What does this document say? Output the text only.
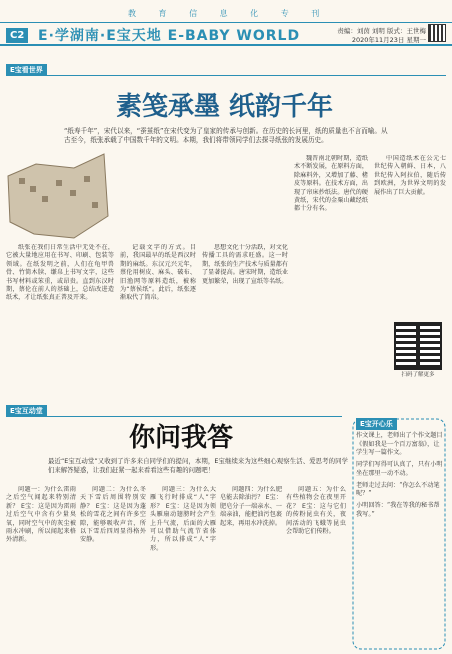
教 育 信 息 化 专 刊
C2 E·学湖南·E宝天地 E-BABY WORLD	责编：刘茵 刘明 版式：王世梅
2020年11月23日 星期一
E宝看世界
素笺承墨 纸韵千年
“纸寿千年”，宋代以来，“蚕茧纸”在宋代变为了皇家的传承与创新。在历史的长河里，纸的质量也不言而喻。从古至今，纸张承载了中国数千年的文明。本期，我们将带领同学们去探寻纸张的发展历史。

纸张在我们日常生活中无处不在，它被大量地应用在书写、印刷、包装等领域。在纸发明之前，人们在龟甲兽骨、竹简木牍、缣帛上书写文字，这些书写材料或笨重，或昂贵。直到东汉时期，蔡伦在前人的基础上，总结改进造纸术，才让纸张真正普及开来。

记载文字的方式。目前，我国最早的纸是西汉时期的麻纸。东汉元兴元年，蔡伦用树皮、麻头、破布、旧渔网等原料造纸，被称为“蔡侯纸”。此后，纸张逐渐取代了简帛。

思想文化十分活跃，对文化传播工具的需求旺盛。这一时期，纸张的生产技术与质量都有了显著提高。唐宋时期，造纸业更加繁荣，出现了宣纸等名纸。

魏晋南北朝时期，造纸术不断发展，在原料方面，除麻料外，又增加了藤、楮皮等原料。在技术方面，出现了帘床抄纸法。唐代的硬黄纸，宋代的金粟山藏经纸都十分有名。

中国造纸术在公元七世纪传入朝鲜、日本，八世纪传入阿拉伯，随后传到欧洲，为世界文明的发展作出了巨大贡献。

扫码了解更多
E宝互动堂
你问我答
最近“E宝互动堂”又收到了许多来自同学们的提问，本期，E宝继续来为这些细心观察生活、爱思考的同学们来解答疑惑，让我们赶紧一起来看看这些有趣的问题吧！

问题一：为什么雷雨之后空气闻起来特别清新？ E宝：这是因为雷雨过后空气中含有少量臭氧，同时空气中的灰尘被雨水冲刷，所以闻起来格外清新。

问题二：为什么冬天下雪后周围特别安静？ E宝：这是因为蓬松的雪花之间有许多空隙，能够吸收声音，所以下雪后四周显得格外安静。

问题三：为什么大雁飞行时排成“人”字形？ E宝：这是因为领头雁扇动翅膀时会产生上升气流，后面的大雁可以借助气流节省体力，所以排成“人”字形。

问题四：为什么肥皂能去除油污？ E宝：肥皂分子一端亲水、一端亲油，能把油污包裹起来，再用水冲洗掉。

问题五：为什么有些植物会在夜里开花？ E宝：这与它们的传粉昆虫有关，夜间活动的飞蛾等昆虫会帮助它们传粉。

E宝开心乐

作文课上，老师出了个作文题目《假如我是一个百万富翁》，让学生写一篇作文。

同学们写得可认真了，只有小明坐在那里一动不动。

老师走过去问：“你怎么不动笔呢？”

小明回答：“我在等我的秘书帮我写。”
